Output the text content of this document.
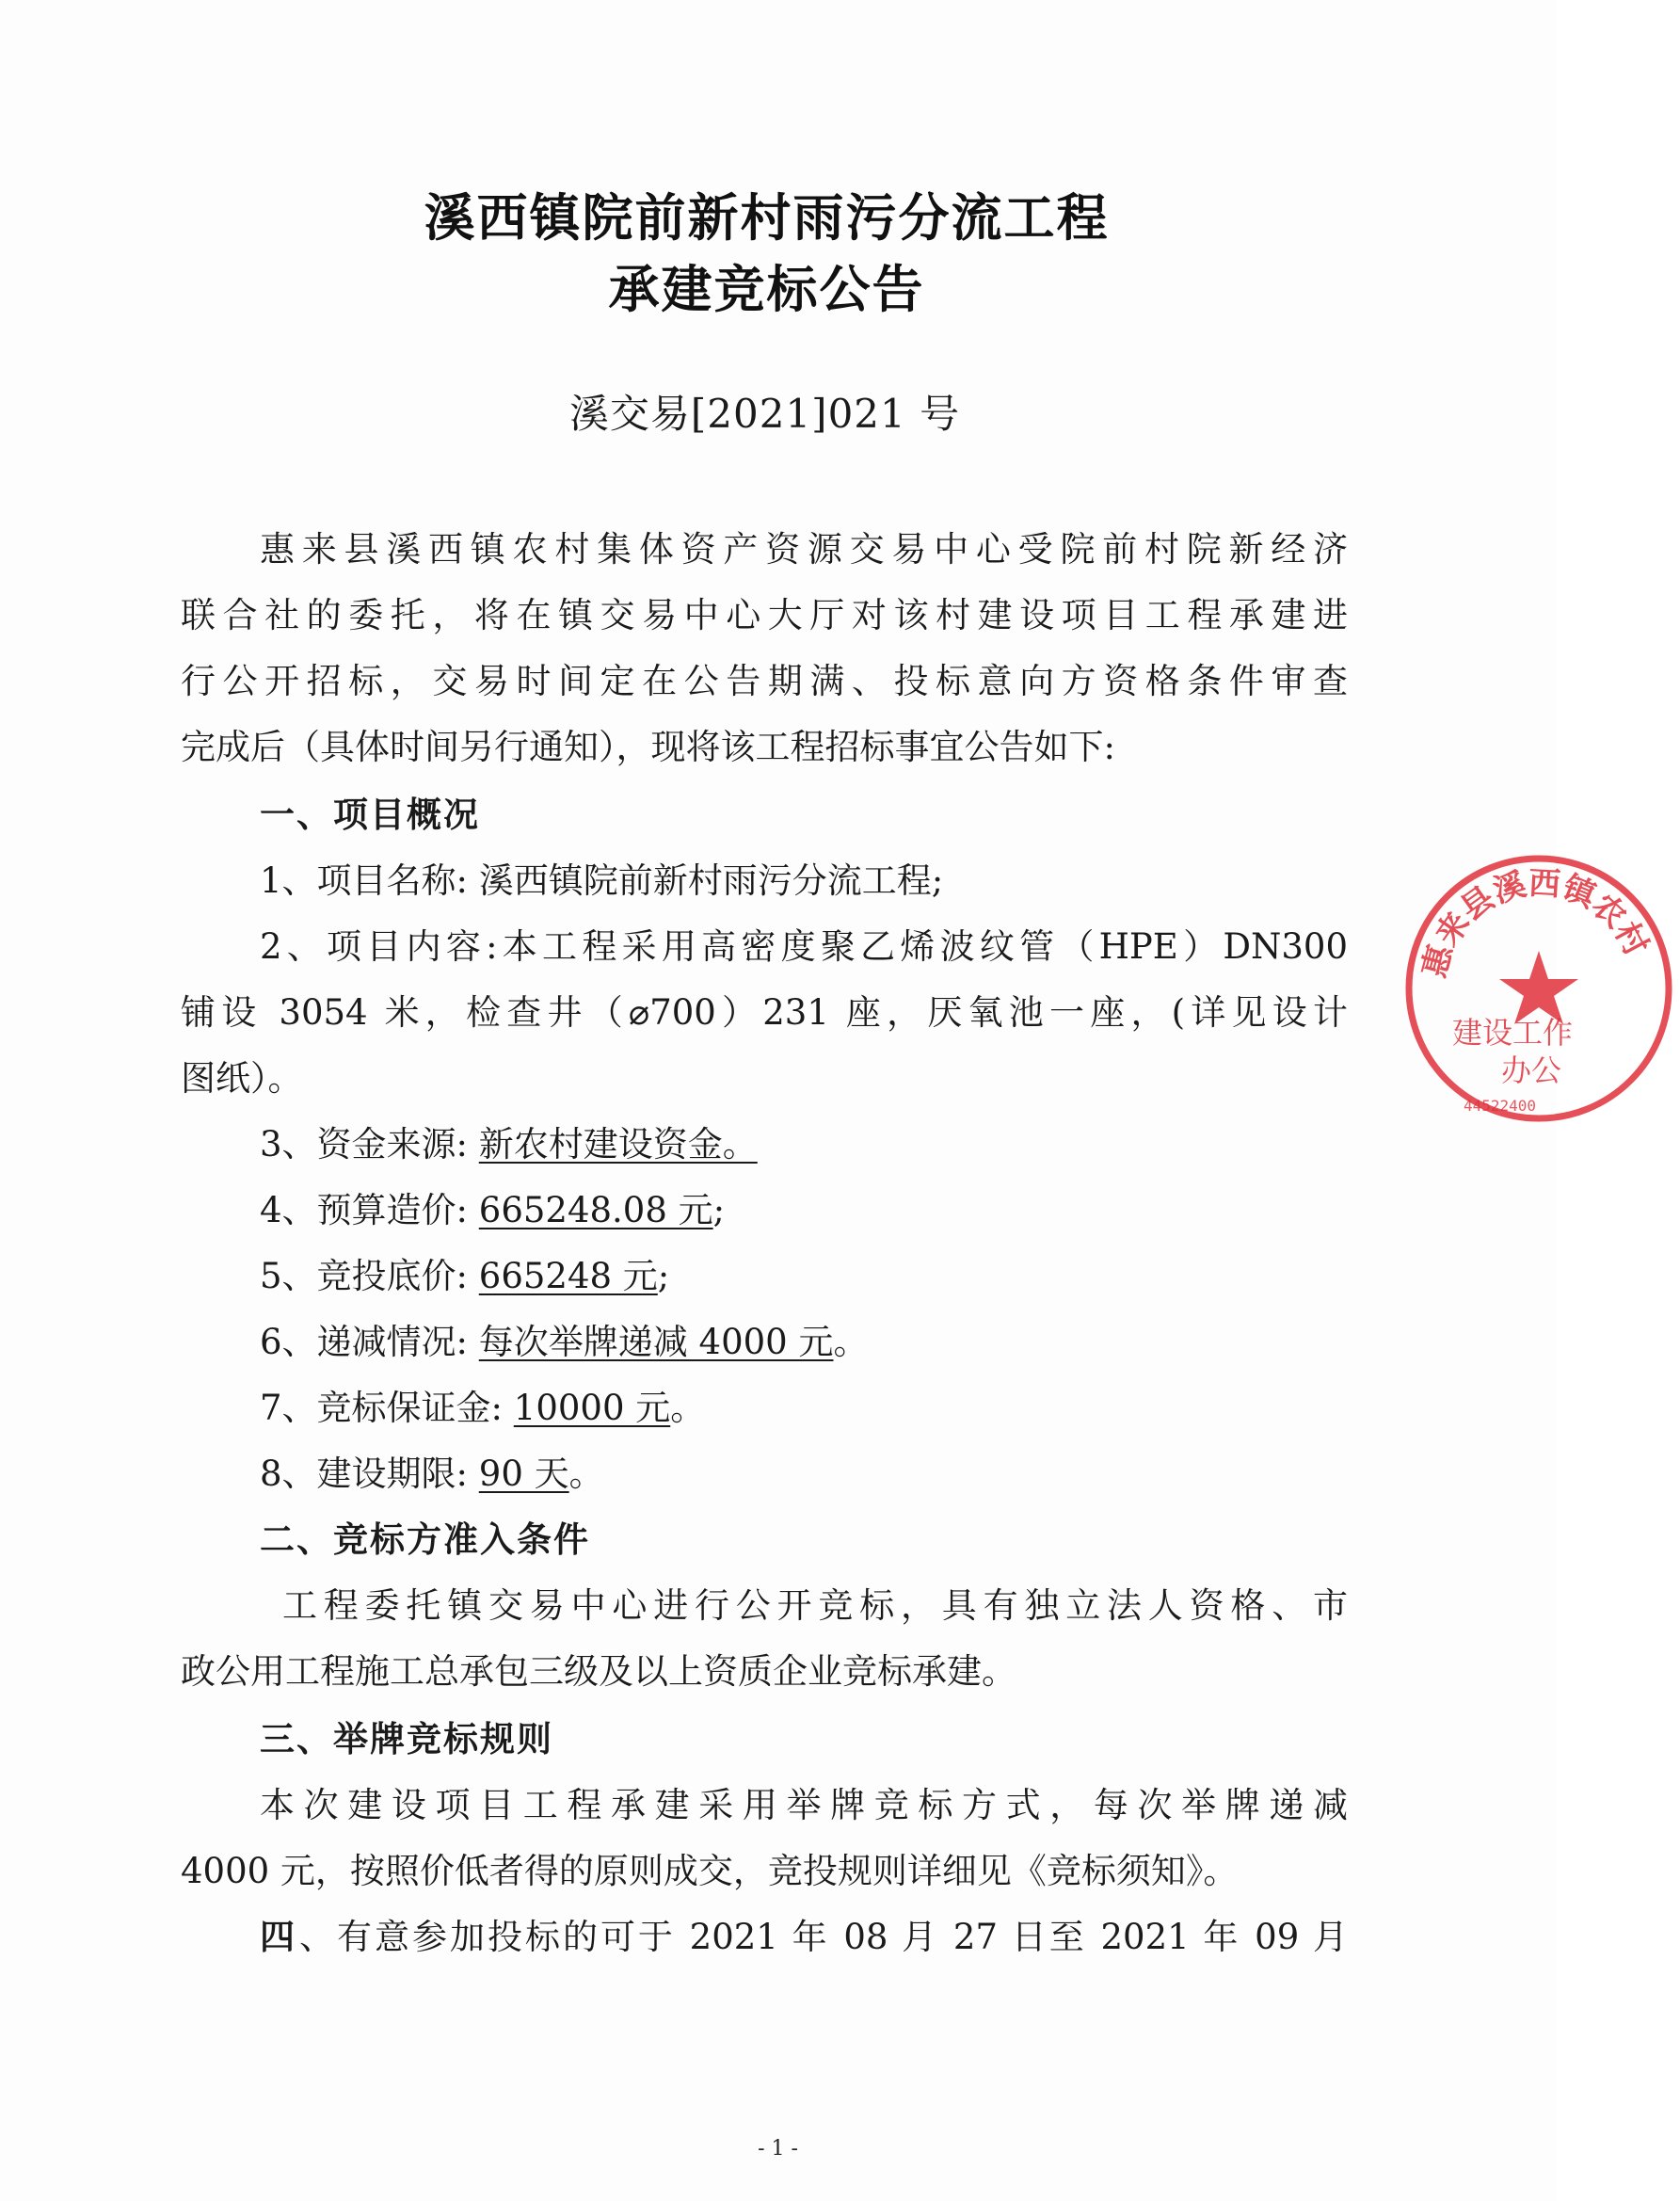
溪西镇院前新村雨污分流工程
承建竞标公告
溪交易[2021]021 号
惠来县溪西镇农村集体资产资源交易中心受院前村院新经济
联合社的委托，将在镇交易中心大厅对该村建设项目工程承建进
行公开招标，交易时间定在公告期满、投标意向方资格条件审查
完成后（具体时间另行通知），现将该工程招标事宜公告如下:
一、项目概况
1、项目名称: 溪西镇院前新村雨污分流工程;
2、项目内容:本工程采用高密度聚乙烯波纹管（HPE）DN300
铺设 3054 米，检查井（⌀700）231 座，厌氧池一座，(详见设计
图纸）。
3、资金来源: 新农村建设资金。
4、预算造价: 665248.08 元;
5、竞投底价: 665248 元;
6、递减情况: 每次举牌递减 4000 元。
7、竞标保证金: 10000 元。
8、建设期限: 90 天。
二、竞标方准入条件
工程委托镇交易中心进行公开竞标，具有独立法人资格、市
政公用工程施工总承包三级及以上资质企业竞标承建。
三、举牌竞标规则
本次建设项目工程承建采用举牌竞标方式，每次举牌递减
4000 元，按照价低者得的原则成交，竞投规则详细见《竞标须知》。
四、有意参加投标的可于 2021 年 08 月 27 日至 2021 年 09 月
- 1 -
惠来县溪西镇农村
建设工作
办公
44522400
